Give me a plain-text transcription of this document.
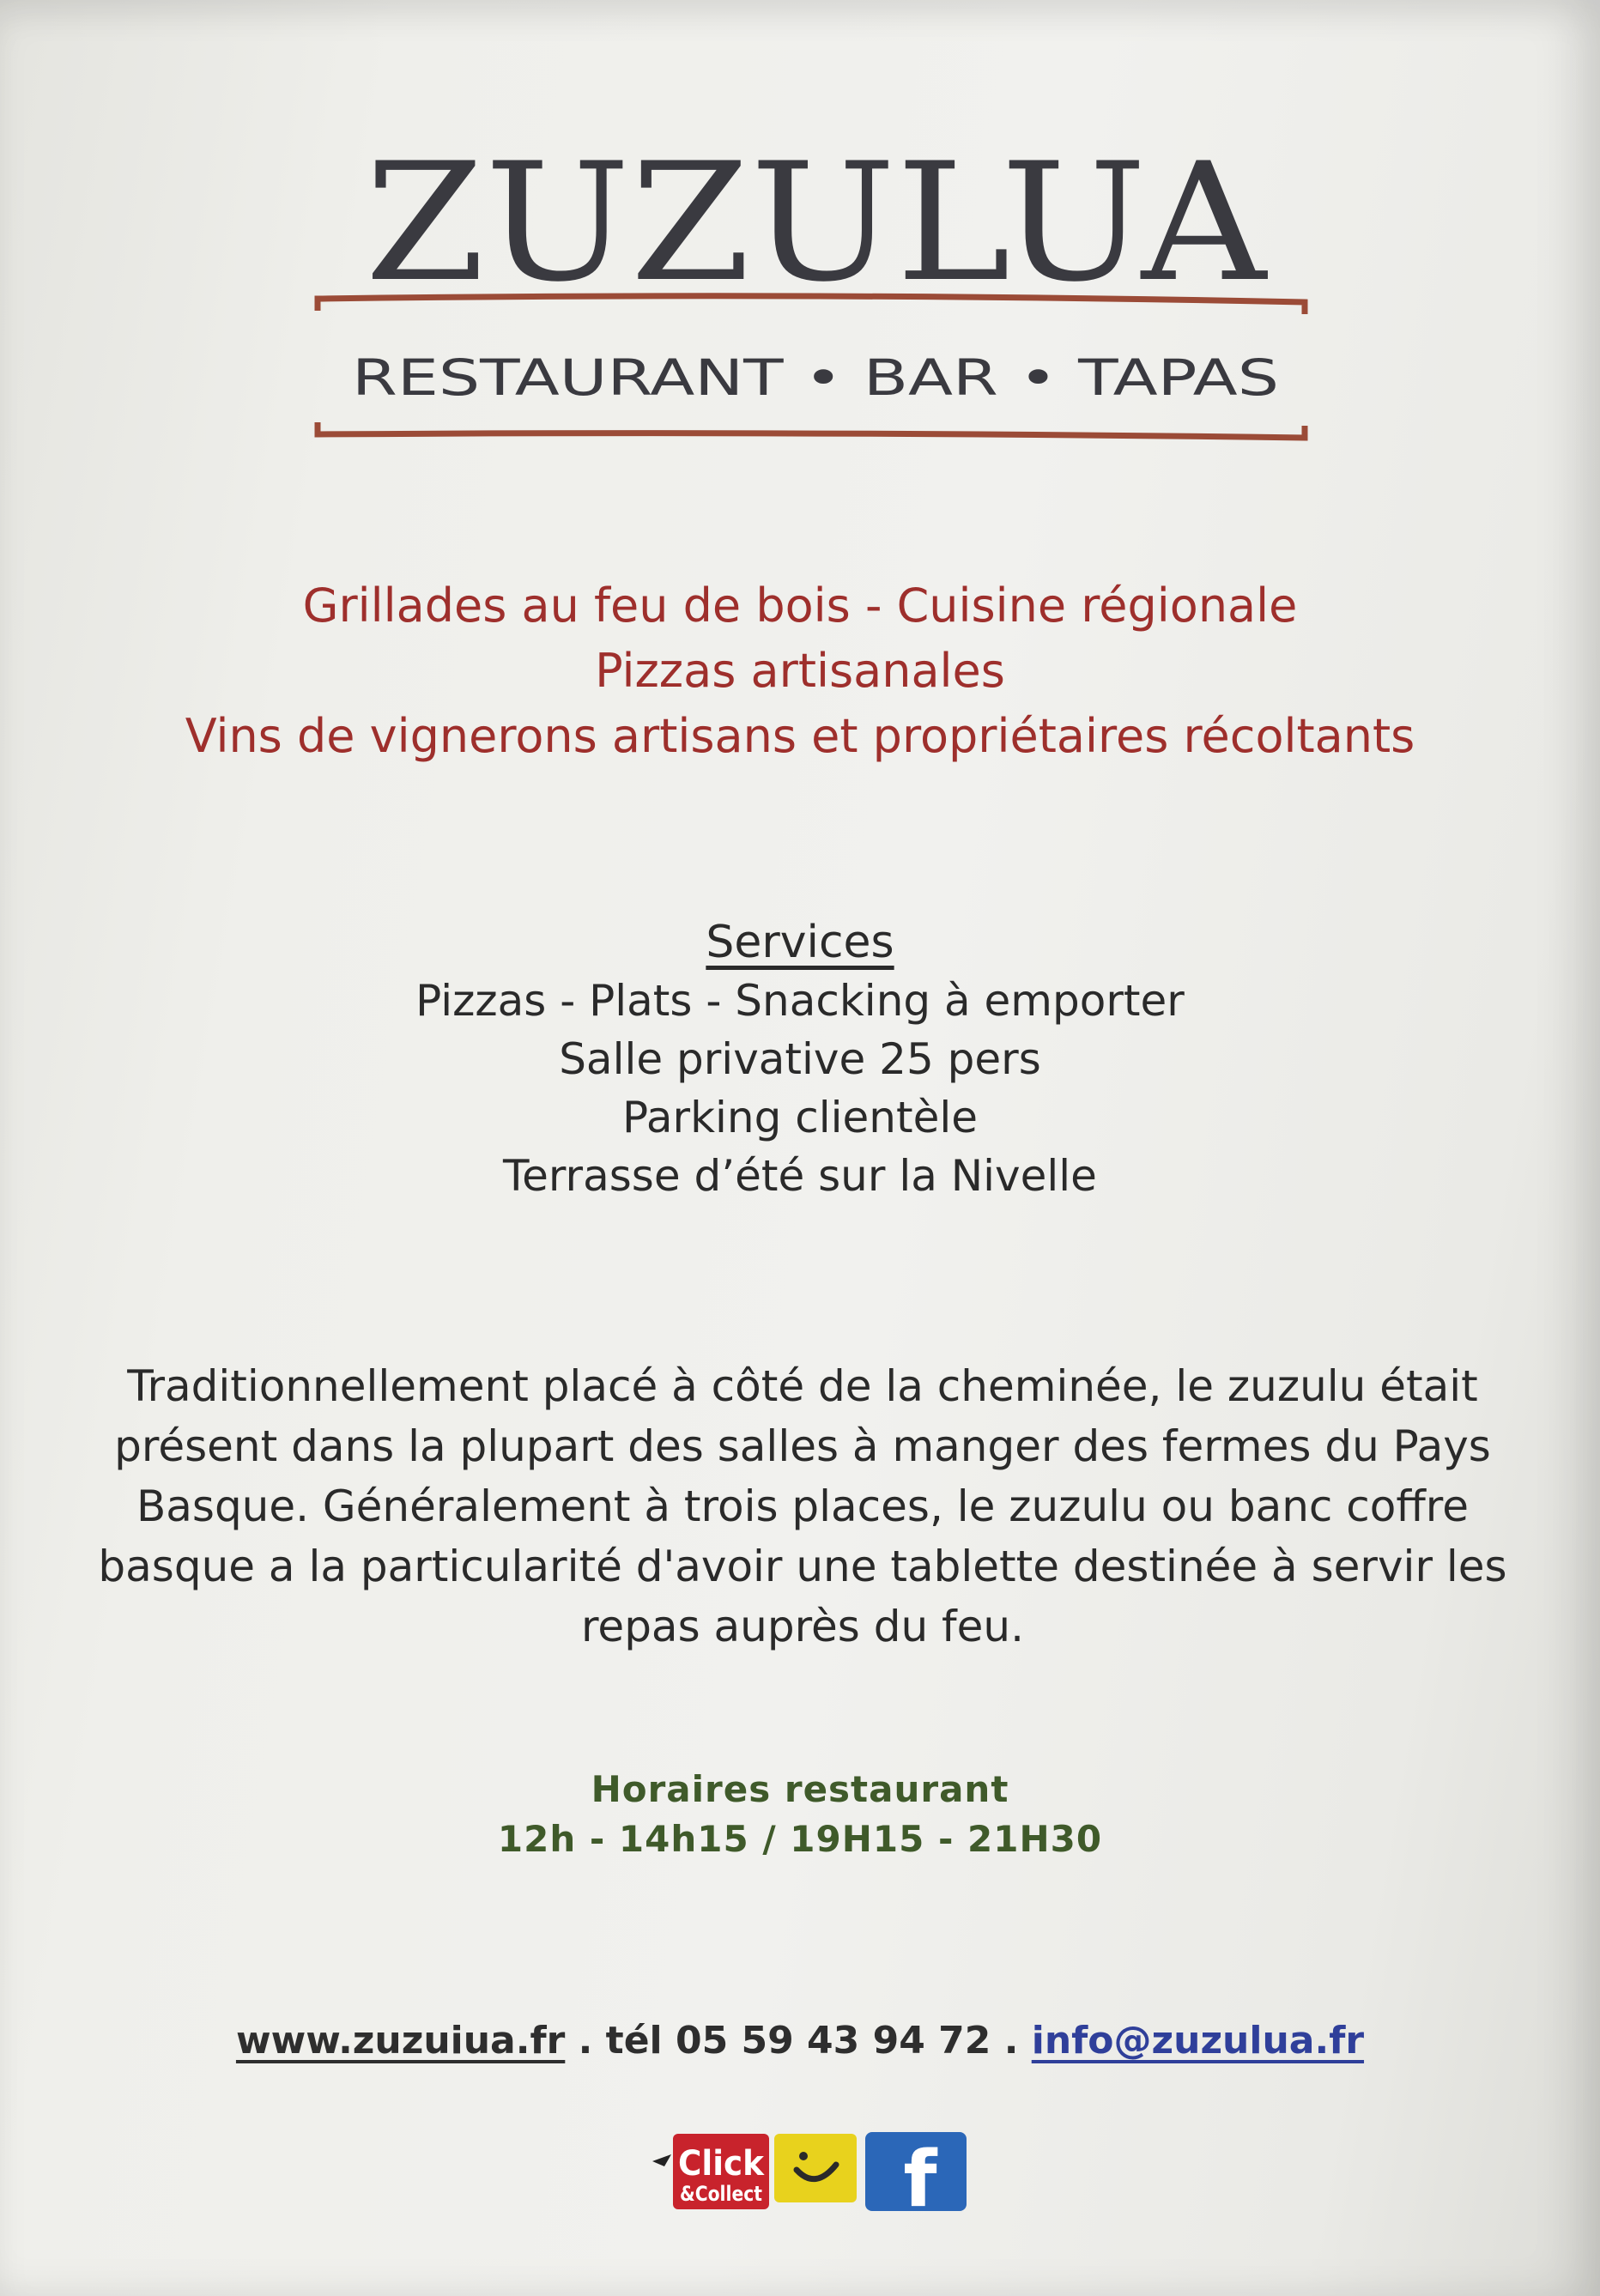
ZUZULUA
RESTAURANT • BAR • TAPAS
Grillades au feu de bois - Cuisine régionale
Pizzas artisanales
Vins de vignerons artisans et propriétaires récoltants
Services
Pizzas - Plats - Snacking à emporter
Salle privative 25 pers
Parking clientèle
Terrasse d’été sur la Nivelle
Traditionnellement placé à côté de la cheminée, le zuzulu était présent dans la plupart des salles à manger des fermes du Pays Basque. Généralement à trois places, le zuzulu ou banc coffre basque a la particularité d'avoir une tablette destinée à servir les repas auprès du feu.
Horaires restaurant
12h - 14h15 / 19H15 - 21H30
www.zuzuiua.fr . tél 05 59 43 94 72 . info@zuzulua.fr
Click
&Collect f
